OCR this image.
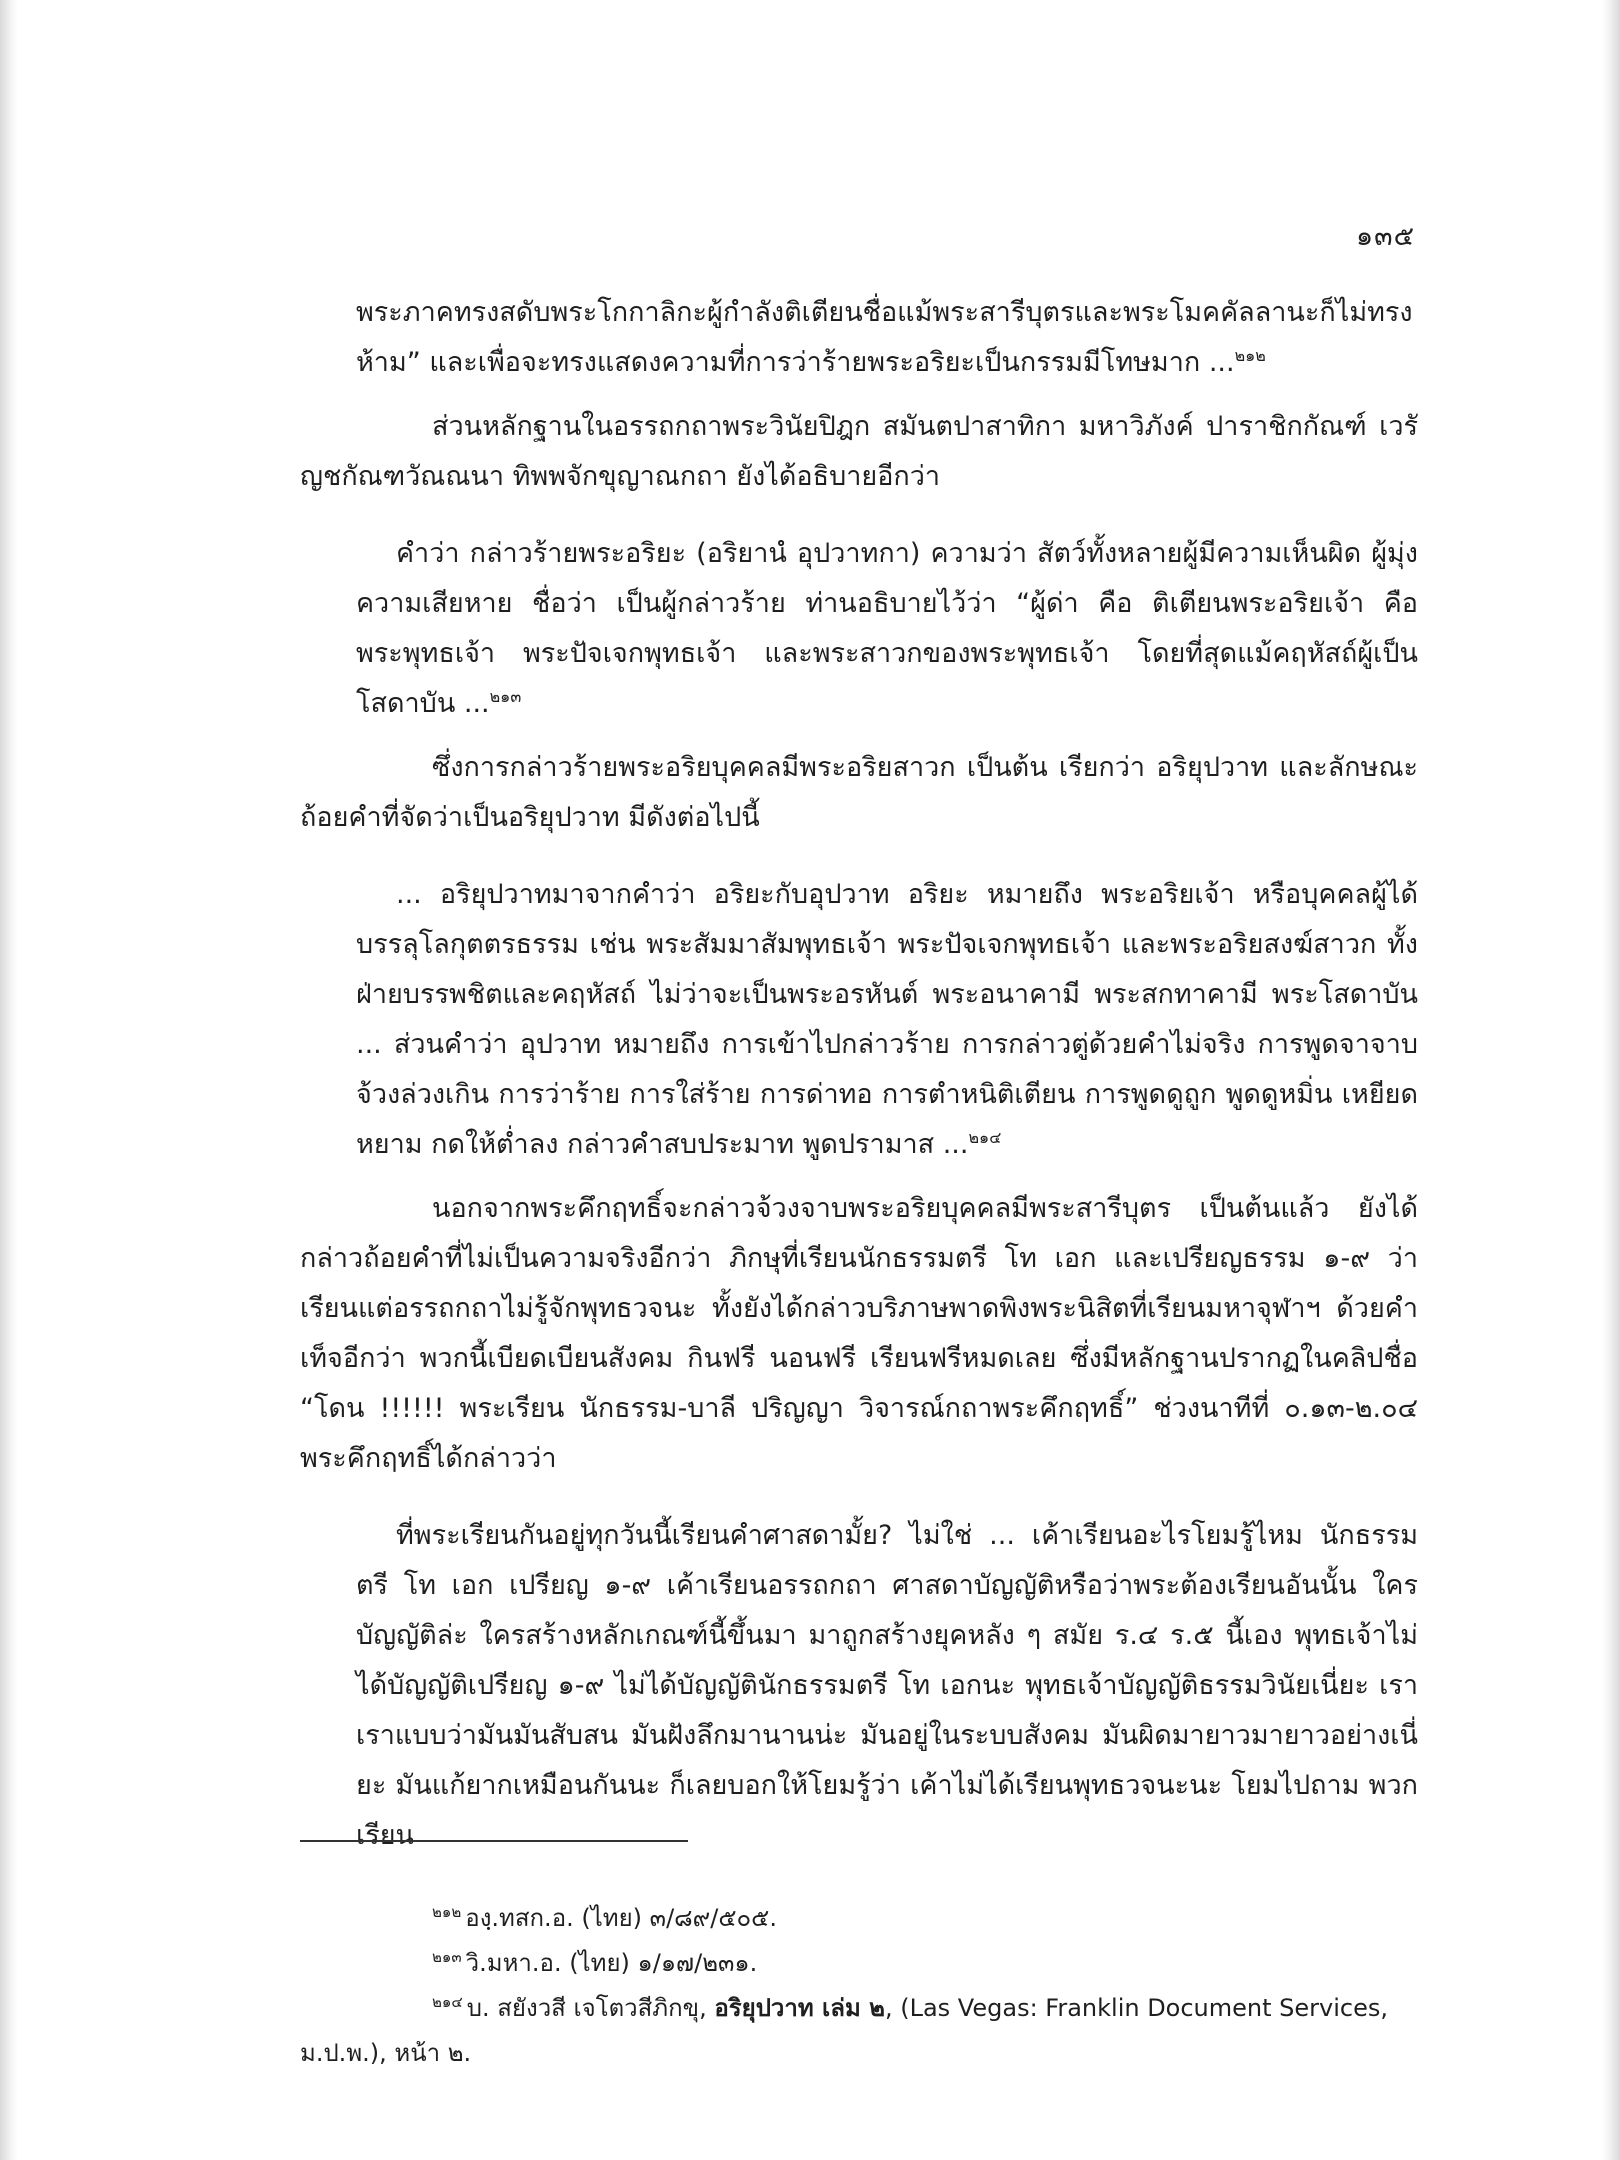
๑๓๕

พระภาคทรงสดับพระโกกาลิกะผู้กำลังติเตียนชื่อแม้พระสารีบุตรและพระโมคคัลลานะก็ไม่ทรงห้าม” และเพื่อจะทรงแสดงความที่การว่าร้ายพระอริยะเป็นกรรมมีโทษมาก ...$^{๒๑๒}$

ส่วนหลักฐานในอรรถกถาพระวินัยปิฎก สมันตปาสาทิกา มหาวิภังค์ ปาราชิกกัณฑ์ เวรัญชกัณฑวัณณนา ทิพพจักขุญาณกถา ยังได้อธิบายอีกว่า

คำว่า กล่าวร้ายพระอริยะ (อริยานํ อุปวาทกา) ความว่า สัตว์ทั้งหลายผู้มีความเห็นผิด ผู้มุ่งความเสียหาย ชื่อว่า เป็นผู้กล่าวร้าย ท่านอธิบายไว้ว่า “ผู้ด่า คือ ติเตียนพระอริยเจ้า คือ พระพุทธเจ้า พระปัจเจกพุทธเจ้า และพระสาวกของพระพุทธเจ้า โดยที่สุดแม้คฤหัสถ์ผู้เป็นโสดาบัน ...$^{๒๑๓}$

ซึ่งการกล่าวร้ายพระอริยบุคคลมีพระอริยสาวก เป็นต้น เรียกว่า อริยุปวาท และลักษณะถ้อยคำที่จัดว่าเป็นอริยุปวาท มีดังต่อไปนี้

... อริยุปวาทมาจากคำว่า อริยะกับอุปวาท อริยะ หมายถึง พระอริยเจ้า หรือบุคคลผู้ได้บรรลุโลกุตตรธรรม เช่น พระสัมมาสัมพุทธเจ้า พระปัจเจกพุทธเจ้า และพระอริยสงฆ์สาวก ทั้งฝ่ายบรรพชิตและคฤหัสถ์ ไม่ว่าจะเป็นพระอรหันต์ พระอนาคามี พระสกทาคามี พระโสดาบัน ... ส่วนคำว่า อุปวาท หมายถึง การเข้าไปกล่าวร้าย การกล่าวตู่ด้วยคำไม่จริง การพูดจาจาบจ้วงล่วงเกิน การว่าร้าย การใส่ร้าย การด่าทอ การตำหนิติเตียน การพูดดูถูก พูดดูหมิ่น เหยียดหยาม กดให้ต่ำลง กล่าวคำสบประมาท พูดปรามาส ...$^{๒๑๔}$

นอกจากพระคึกฤทธิ์จะกล่าวจ้วงจาบพระอริยบุคคลมีพระสารีบุตร เป็นต้นแล้ว ยังได้กล่าวถ้อยคำที่ไม่เป็นความจริงอีกว่า ภิกษุที่เรียนนักธรรมตรี โท เอก และเปรียญธรรม ๑-๙ ว่าเรียนแต่อรรถกถาไม่รู้จักพุทธวจนะ ทั้งยังได้กล่าวบริภาษพาดพิงพระนิสิตที่เรียนมหาจุฬาฯ ด้วยคำเท็จอีกว่า พวกนี้เบียดเบียนสังคม กินฟรี นอนฟรี เรียนฟรีหมดเลย ซึ่งมีหลักฐานปรากฏในคลิปชื่อ “โดน !!!!!! พระเรียน นักธรรม-บาลี ปริญญา วิจารณ์กถาพระคึกฤทธิ์” ช่วงนาทีที่ ๐.๑๓-๒.๐๔ พระคึกฤทธิ์ได้กล่าวว่า

ที่พระเรียนกันอยู่ทุกวันนี้เรียนคำศาสดามั้ย? ไม่ใช่ ... เค้าเรียนอะไรโยมรู้ไหม นักธรรม ตรี โท เอก เปรียญ ๑-๙ เค้าเรียนอรรถกถา ศาสดาบัญญัติหรือว่าพระต้องเรียนอันนั้น ใครบัญญัติล่ะ ใครสร้างหลักเกณฑ์นี้ขึ้นมา มาถูกสร้างยุคหลัง ๆ สมัย ร.๔ ร.๕ นี้เอง พุทธเจ้าไม่ได้บัญญัติเปรียญ ๑-๙ ไม่ได้บัญญัตินักธรรมตรี โท เอกนะ พุทธเจ้าบัญญัติธรรมวินัยเนี่ยะ เรา เราแบบว่ามันมันสับสน มันฝังลึกมานานน่ะ มันอยู่ในระบบสังคม มันผิดมายาวมายาวอย่างเนี่ยะ มันแก้ยากเหมือนกันนะ ก็เลยบอกให้โยมรู้ว่า เค้าไม่ได้เรียนพุทธวจนะนะ โยมไปถาม พวกเรียน

$^{๒๑๒}$ องฺ.ทสก.อ. (ไทย) ๓/๘๙/๕๐๕.

$^{๒๑๓}$ วิ.มหา.อ. (ไทย) ๑/๑๗/๒๓๑.

$^{๒๑๔}$ บ. สยังวสี เจโตวสีภิกขุ, อริยุปวาท เล่ม ๒, (Las Vegas: Franklin Document Services, ม.ป.พ.), หน้า ๒.
